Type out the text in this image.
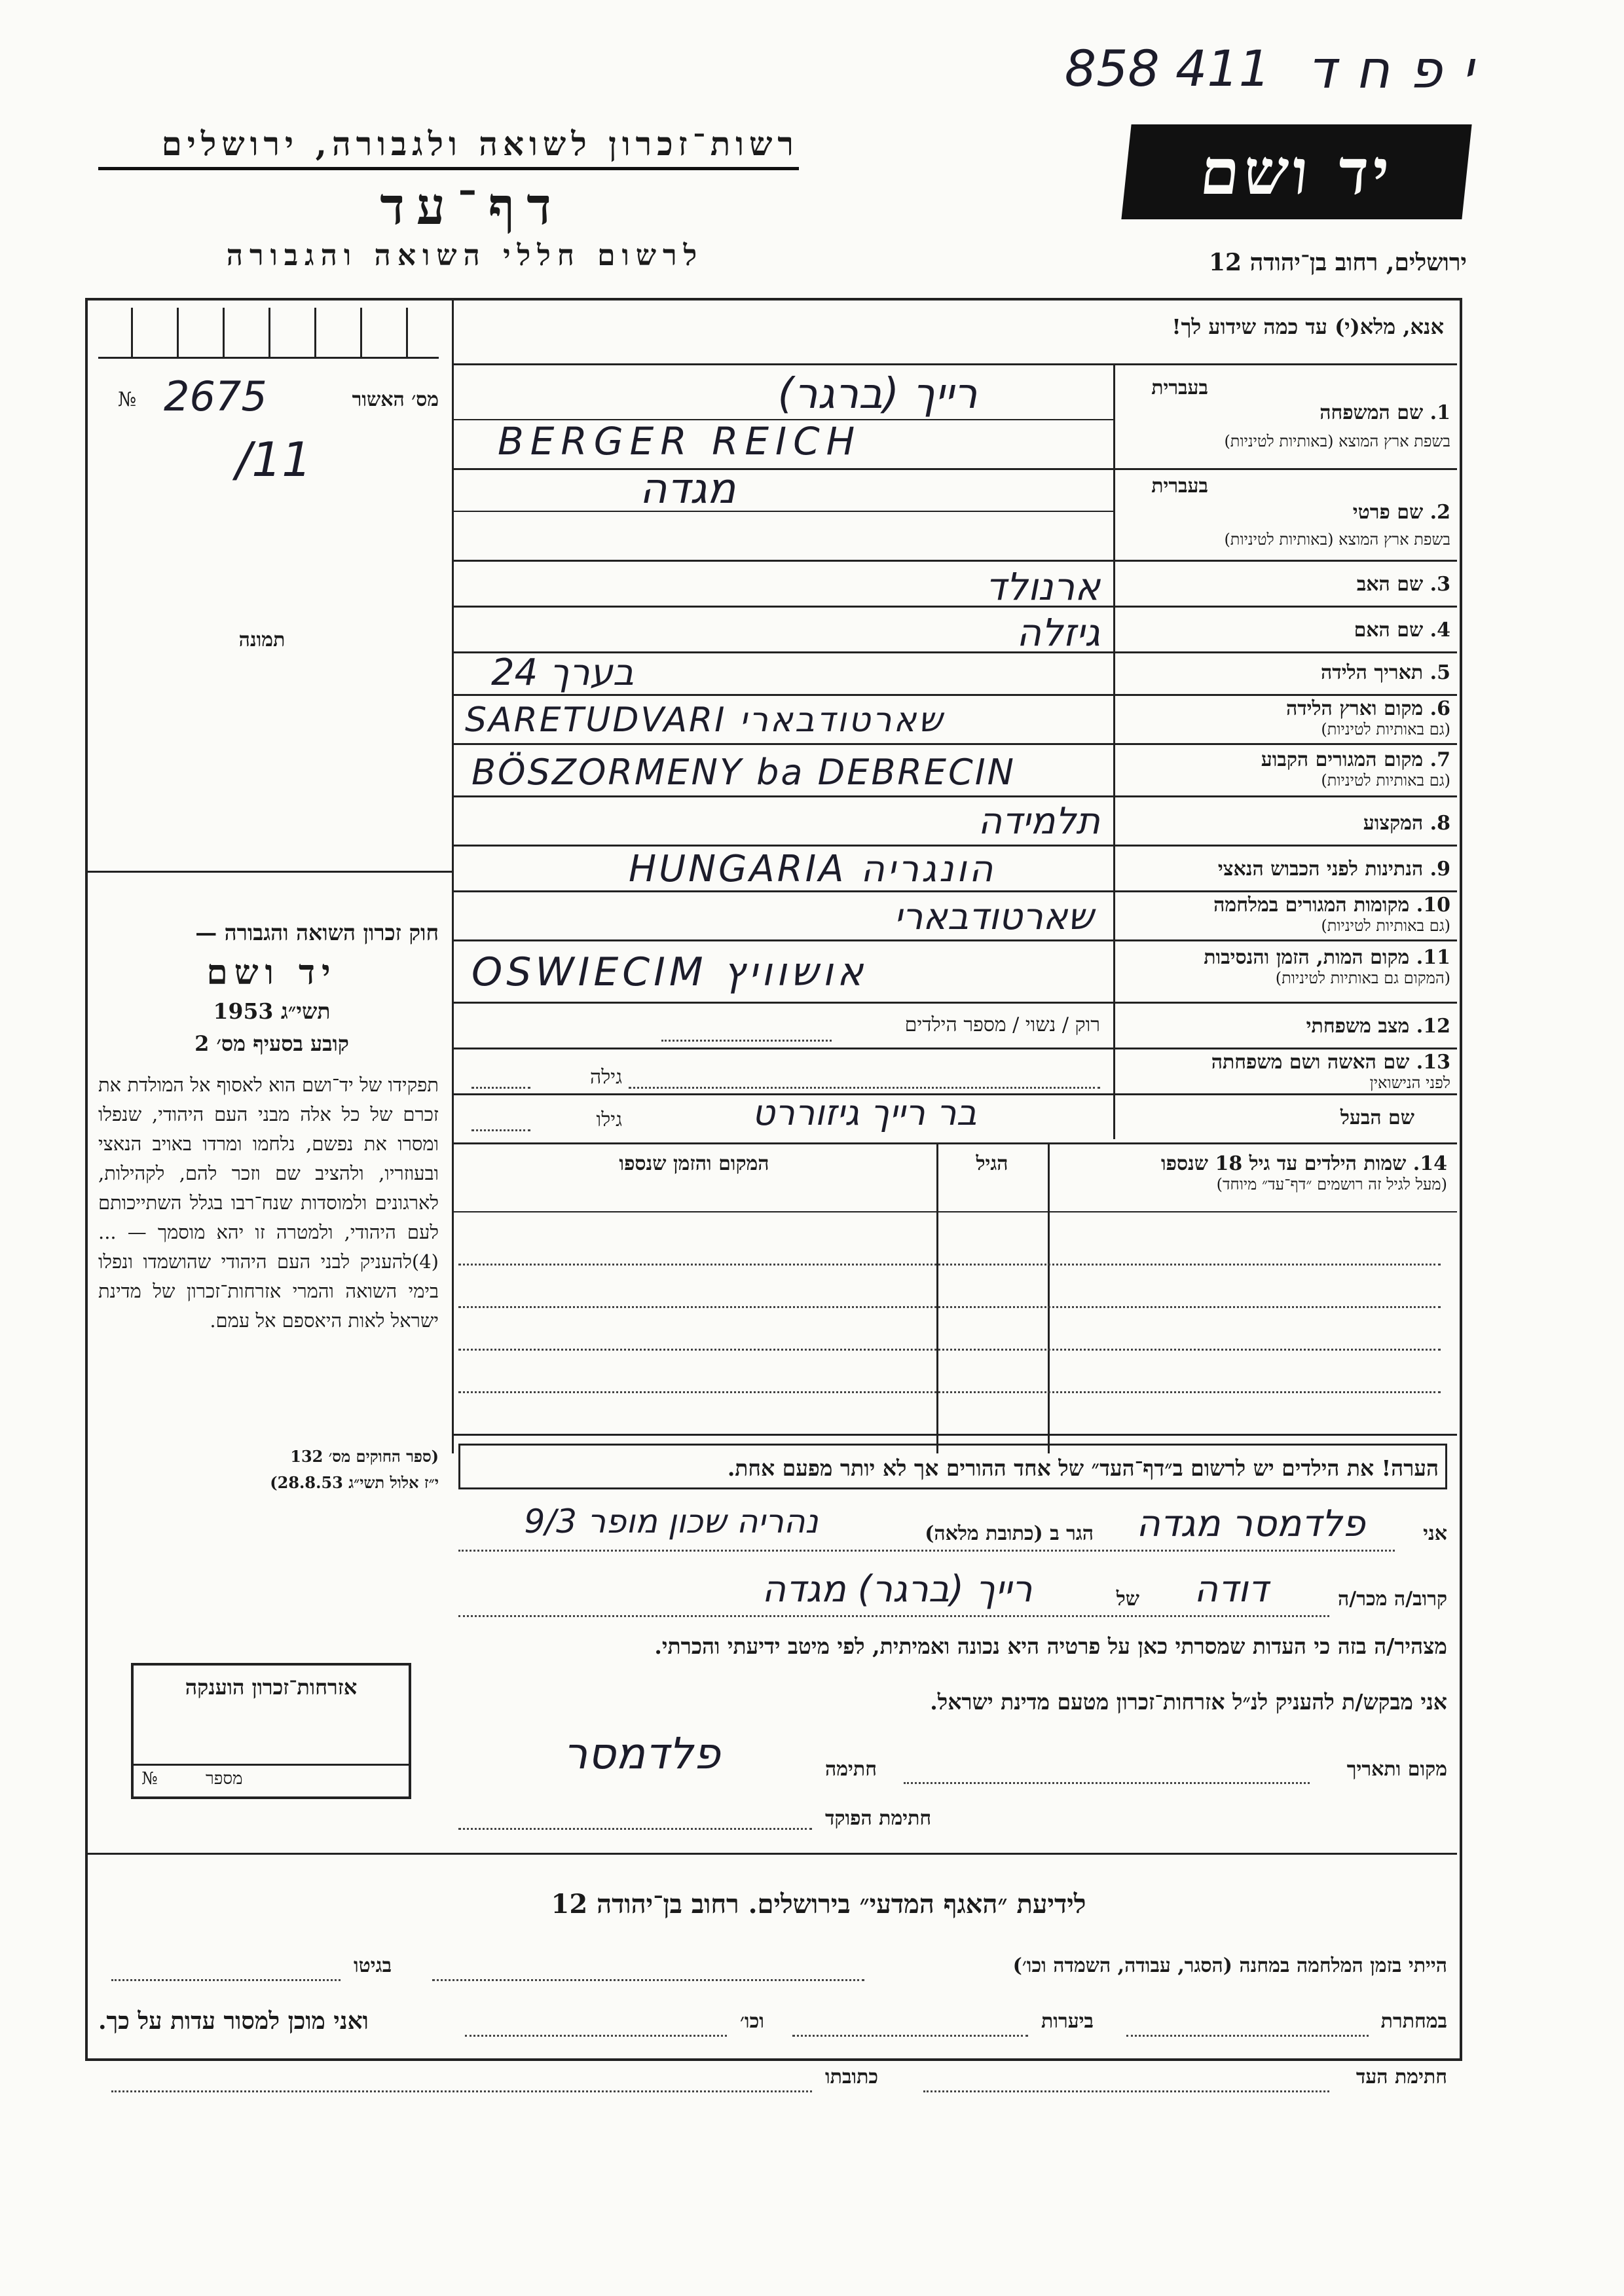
858 411 יפחד
רשות־זכרון לשואה ולגבורה, ירושלים
דף־עד
לרשום חללי השואה והגבורה
יד ושם
ירושלים, רחוב בן־יהודה 12
№ 2675	מס׳ האשור
/11
תמונה
חוק זכרון השואה והגבורה —
יד ושם
1953 תשי״ג
קובע בסעיף מס׳ 2
תפקידו של יד־ושם הוא לאסוף אל המולדת את זכרם של כל אלה מבני העם היהודי, שנפלו ומסרו את נפשם, נלחמו ומרדו באויב הנאצי ובעוזריו, ולהציב שם וזכר להם, לקהילות, לארגונים ולמוסדות שנח־רבו בגלל השתייכותם לעם היהודי, ולמטרה זו יהא מוסמך — ...(4)להעניק לבני העם היהודי שהושמדו ונפלו בימי השואה והמרי אזרחות־זכרון של מדינת ישראל לאות היאספם אל עמם.
(ספר החוקים מס׳ 132
י״ז אלול תשי״ג 28.8.53)
אזרחות־זכרון הוענקה
№	מספר
אנא, מלא(י) עד כמה שידוע לך!
בעברית
1. שם המשפחה
בשפת ארץ המוצא (באותיות לטיניות)
רייך (ברגר)
BERGER REICH
בעברית
2. שם פרטי
בשפת ארץ המוצא (באותיות לטיניות)
מגדה
3. שם האב
ארנולד
4. שם האם
גיזלה
5. תאריך הלידה
24 בערך
6. מקום וארץ הלידה
(גם באותיות לטיניות)
SARETUDVARI שארטודבארי
7. מקום המגורים הקבוע
(גם באותיות לטיניות)
BÖSZORMENY ba DEBRECIN
8. המקצוע
תלמידה
9. הנתינות לפני הכבוש הנאצי
HUNGARIA הונגריה
10. מקומות המגורים במלחמה
(גם באותיות לטיניות)
שארטודבארי
11. מקום המות, הזמן והנסיבות
(המקום גם באותיות לטיניות)
OSWIECIM אושוויץ
12. מצב משפחתי
רוק / נשוי / מספר הילדים
13. שם האשה ושם משפחתה
לפני הנישואין
גילה
שם הבעל
בר רייך גיזוררט
גילו
14. שמות הילדים עד גיל 18 שנספו
(מעל לגיל זה רושמים ״דף־עד״ מיוחד)
הגיל
המקום והזמן שנספו
הערה! את הילדים יש לרשום ב״דף־העד״ של אחד ההורים אך לא יותר מפעם אחת.
אני
פלדמסר מגדה
הגר ב (כתובת מלאה)
נהריה שכון מופר 9/3
קרוב/ה מכר/ה
דודה
של
רייך (ברגר) מגדה
מצהיר/ה בזה כי העדות שמסרתי כאן על פרטיה היא נכונה ואמיתית, לפי מיטב ידיעתי והכרתי.
אני מבקש/ת להעניק לנ״ל אזרחות־זכרון מטעם מדינת ישראל.
מקום ותאריך
חתימה
פלדמסר
חתימת הפוקד
לידיעת ״האגף המדעי״ בירושלים. רחוב בן־יהודה 12
הייתי בזמן המלחמה במחנה (הסגר, עבודה, השמדה וכו׳)
בגיטו
במחתרת
ביערות
וכו׳
ואני מוכן למסור עדות על כך.
חתימת העד
כתובתו
